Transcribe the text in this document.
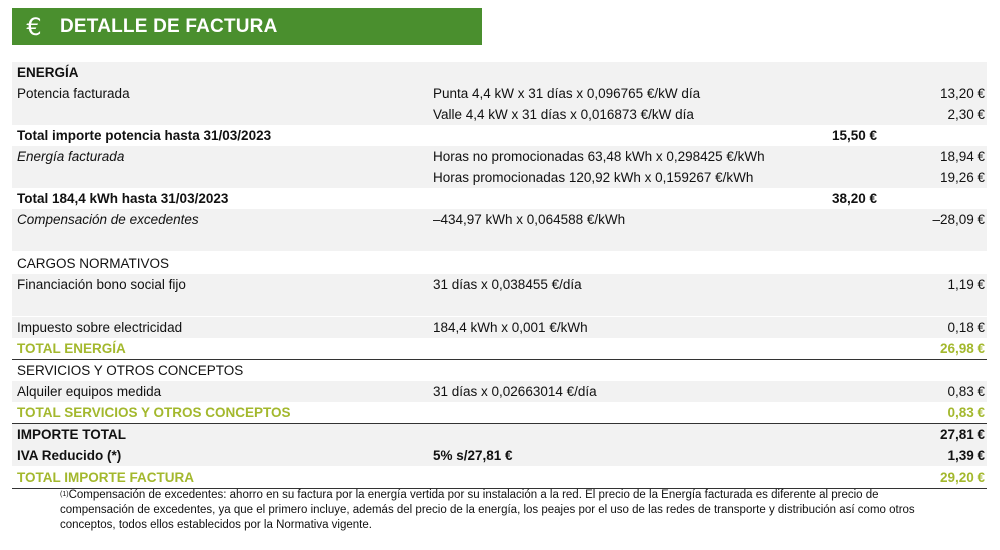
€ DETALLE DE FACTURA
ENERGÍA
Potencia facturada	Punta 4,4 kW x 31 días x 0,096765 €/kW día	13,20 €
Valle 4,4 kW x 31 días x 0,016873 €/kW día	2,30 €
Total importe potencia hasta 31/03/2023	15,50 €
Energía facturada	Horas no promocionadas 63,48 kWh x 0,298425 €/kWh	18,94 €
Horas promocionadas 120,92 kWh x 0,159267 €/kWh	19,26 €
Total 184,4 kWh hasta 31/03/2023	38,20 €
Compensación de excedentes	–434,97 kWh x 0,064588 €/kWh	–28,09 €
CARGOS NORMATIVOS
Financiación bono social fijo	31 días x 0,038455 €/día	1,19 €
Impuesto sobre electricidad	184,4 kWh x 0,001 €/kWh	0,18 €
TOTAL ENERGÍA	26,98 €
SERVICIOS Y OTROS CONCEPTOS
Alquiler equipos medida	31 días x 0,02663014 €/día	0,83 €
TOTAL SERVICIOS Y OTROS CONCEPTOS	0,83 €
IMPORTE TOTAL	27,81 €
IVA Reducido (*)	5% s/27,81 €	1,39 €
TOTAL IMPORTE FACTURA	29,20 €
$^{(1)}$Compensación de excedentes: ahorro en su factura por la energía vertida por su instalación a la red. El precio de la Energía facturada es diferente al precio de compensación de excedentes, ya que el primero incluye, además del precio de la energía, los peajes por el uso de las redes de transporte y distribución así como otros conceptos, todos ellos establecidos por la Normativa vigente.
